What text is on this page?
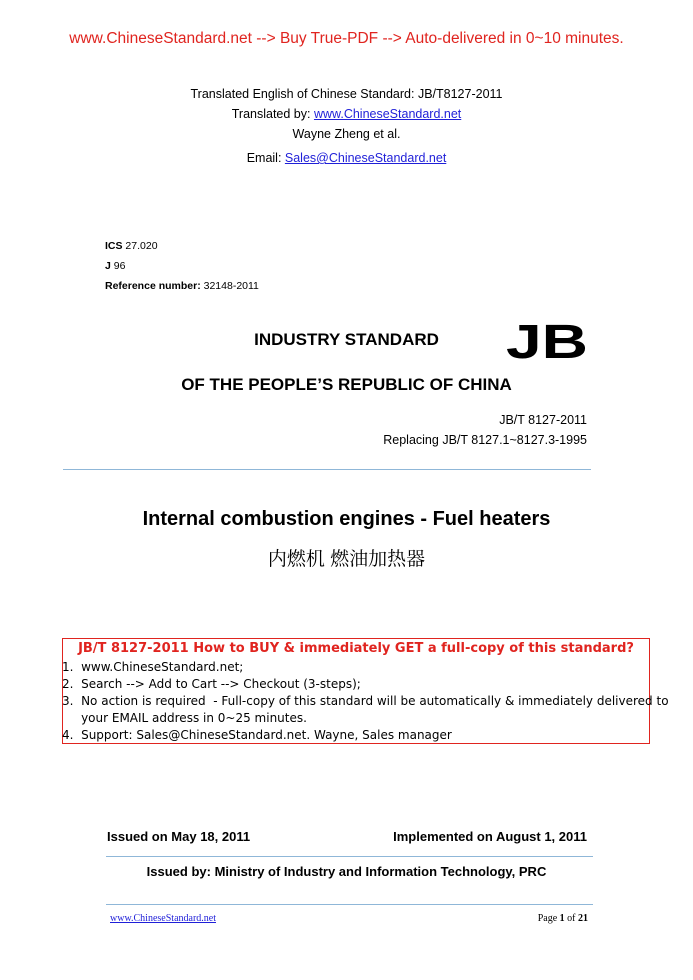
www.ChineseStandard.net --> Buy True-PDF --> Auto-delivered in 0~10 minutes.
Translated English of Chinese Standard: JB/T8127-2011
Translated by: www.ChineseStandard.net
Wayne Zheng et al.
Email: Sales@ChineseStandard.net
ICS 27.020
J 96
Reference number: 32148-2011
INDUSTRY STANDARD	JB
OF THE PEOPLE’S REPUBLIC OF CHINA
JB/T 8127-2011
Replacing JB/T 8127.1~8127.3-1995
Internal combustion engines - Fuel heaters
内燃机 燃油加热器
JB/T 8127-2011 How to BUY & immediately GET a full-copy of this standard?
1.  www.ChineseStandard.net;
2.  Search --> Add to Cart --> Checkout (3-steps);
3.  No action is required  - Full-copy of this standard will be automatically & immediately delivered to
your EMAIL address in 0~25 minutes.
4.  Support: Sales@ChineseStandard.net. Wayne, Sales manager
Issued on May 18, 2011	Implemented on August 1, 2011
Issued by: Ministry of Industry and Information Technology, PRC
www.ChineseStandard.net	Page 1 of 21
